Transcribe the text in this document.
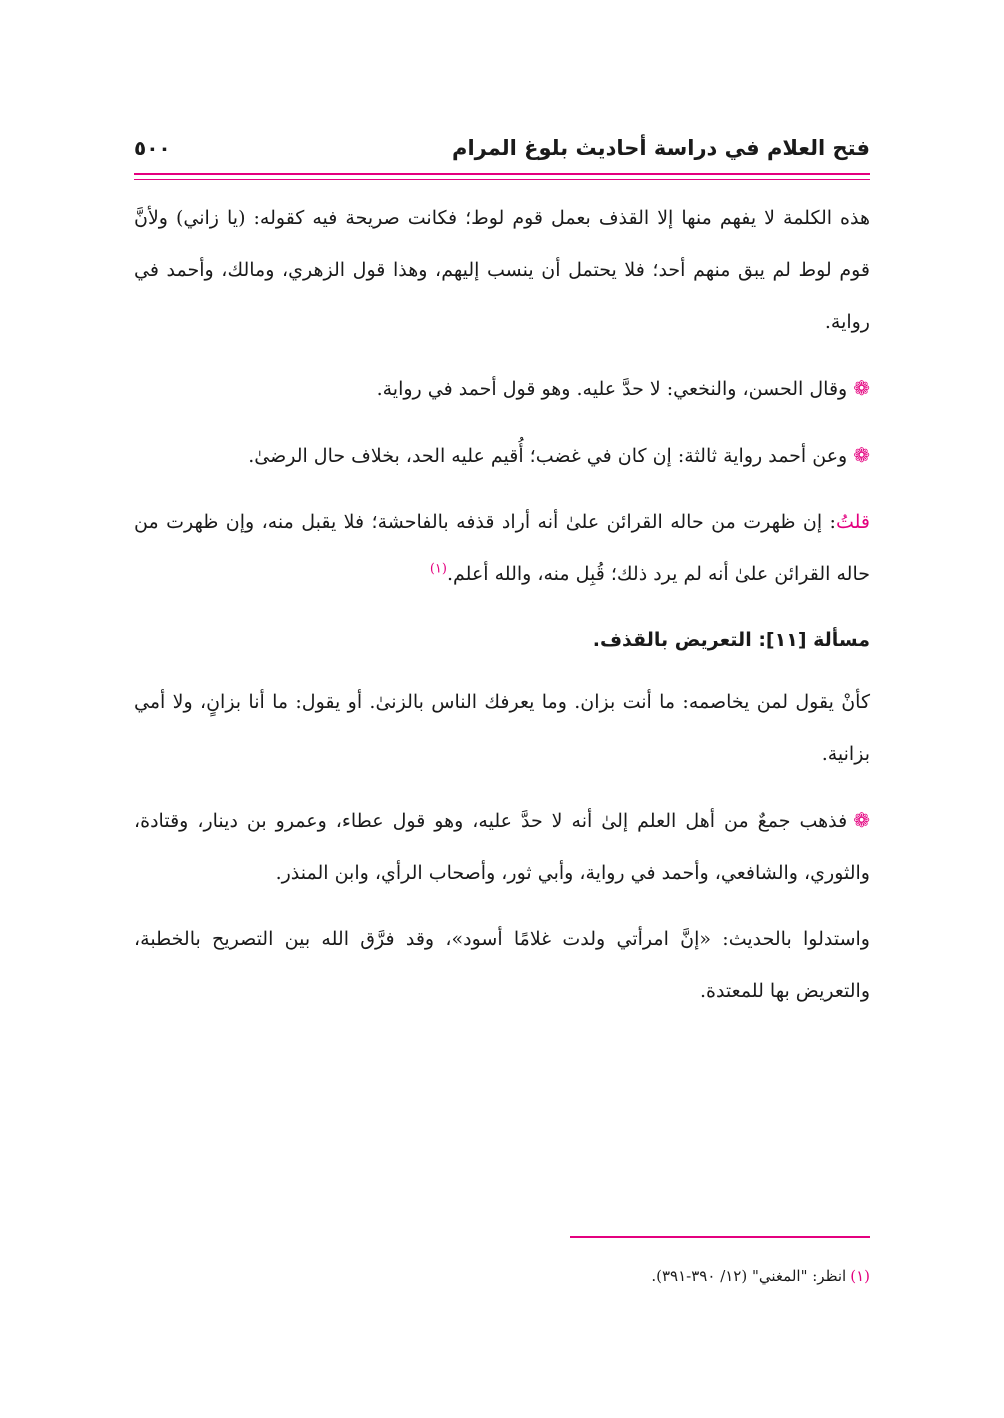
فتح العلام في دراسة أحاديث بلوغ المرام
٥٠٠

هذه الكلمة لا يفهم منها إلا القذف بعمل قوم لوط؛ فكانت صريحة فيه كقوله: (يا زاني) ولأنَّ قوم لوط لم يبق منهم أحد؛ فلا يحتمل أن ينسب إليهم، وهذا قول الزهري، ومالك، وأحمد في رواية.

❁وقال الحسن، والنخعي: لا حدَّ عليه. وهو قول أحمد في رواية.

❁وعن أحمد رواية ثالثة: إن كان في غضب؛ أُقيم عليه الحد، بخلاف حال الرضىٰ.

قلتُ: إن ظهرت من حاله القرائن علىٰ أنه أراد قذفه بالفاحشة؛ فلا يقبل منه، وإن ظهرت من حاله القرائن علىٰ أنه لم يرد ذلك؛ قُبِل منه، والله أعلم.$^{(١)}$

مسألة [١١]: التعريض بالقذف.

كأنْ يقول لمن يخاصمه: ما أنت بزان. وما يعرفك الناس بالزنىٰ. أو يقول: ما أنا بزانٍ، ولا أمي بزانية.

❁فذهب جمعٌ من أهل العلم إلىٰ أنه لا حدَّ عليه، وهو قول عطاء، وعمرو بن دينار، وقتادة، والثوري، والشافعي، وأحمد في رواية، وأبي ثور، وأصحاب الرأي، وابن المنذر.

واستدلوا بالحديث: «إنَّ امرأتي ولدت غلامًا أسود»، وقد فرَّق الله بين التصريح بالخطبة، والتعريض بها للمعتدة.

(١)انظر: "المغني" (١٢/ ٣٩٠-٣٩١).
